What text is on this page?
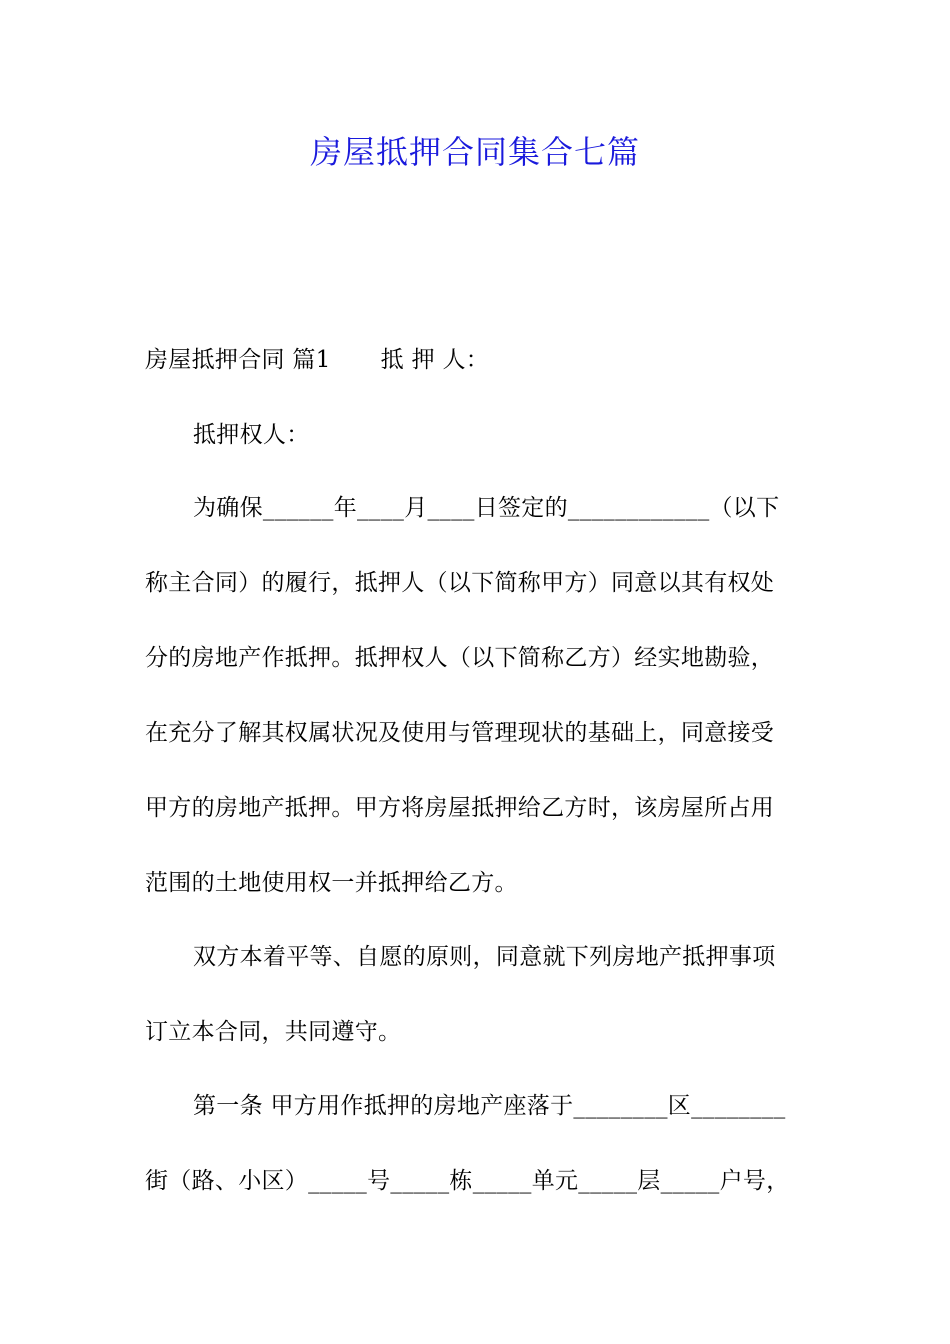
房屋抵押合同集合七篇
房屋抵押合同 篇1 抵 押 人：
抵押权人：
为确保______年____月____日签定的____________（以下
称主合同）的履行，抵押人（以下简称甲方）同意以其有权处
分的房地产作抵押。抵押权人（以下简称乙方）经实地勘验，
在充分了解其权属状况及使用与管理现状的基础上，同意接受
甲方的房地产抵押。甲方将房屋抵押给乙方时，该房屋所占用
范围的土地使用权一并抵押给乙方。
双方本着平等、自愿的原则，同意就下列房地产抵押事项
订立本合同，共同遵守。
第一条 甲方用作抵押的房地产座落于________区________
街（路、小区）_____号_____栋_____单元_____层_____户号，
